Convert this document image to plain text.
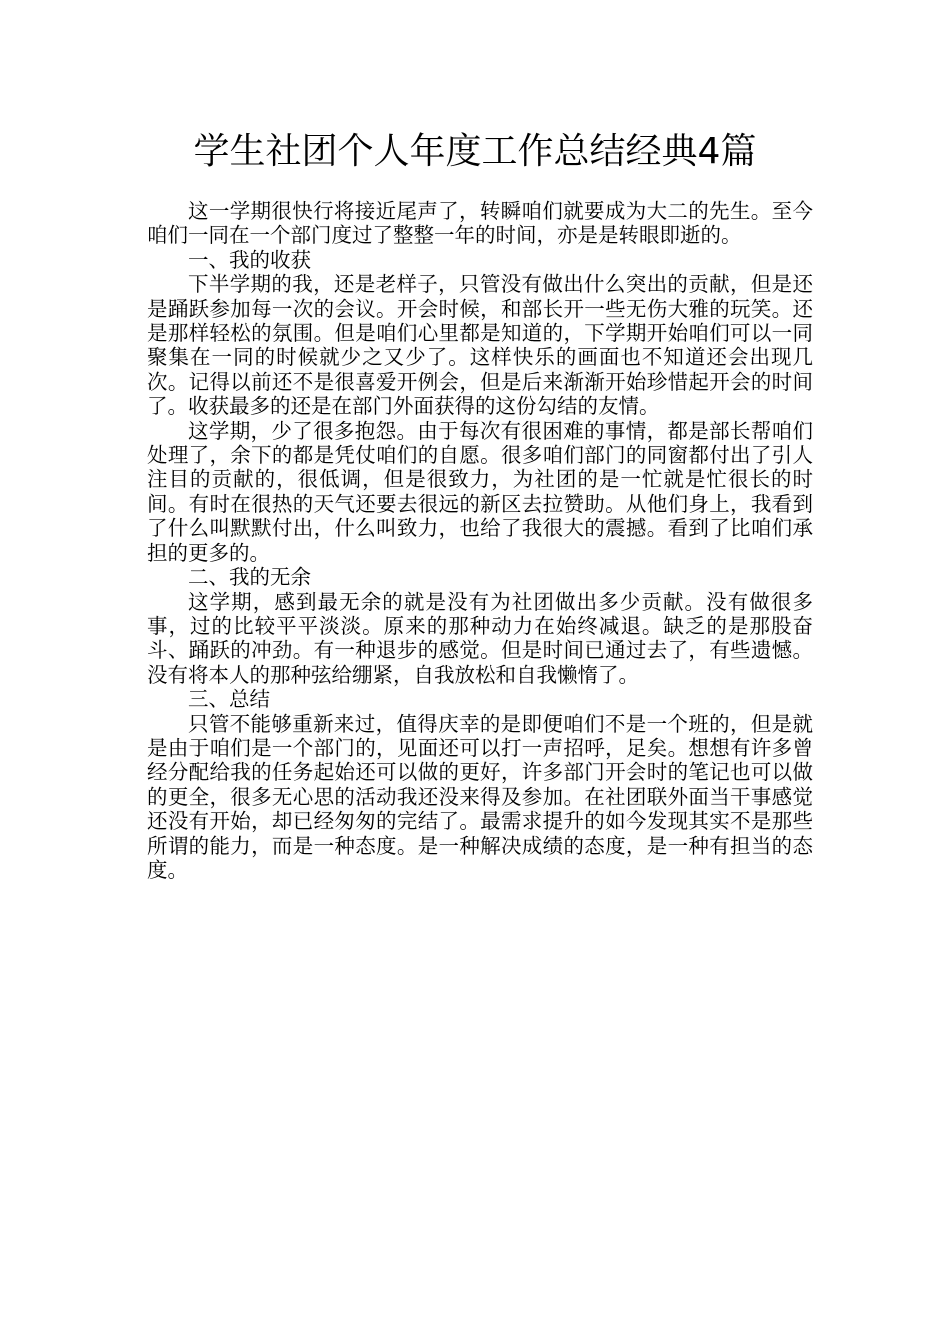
学生社团个人年度工作总结经典4篇

这一学期很快行将接近尾声了，转瞬咱们就要成为大二的先生。至今咱们一同在一个部门度过了整整一年的时间，亦是是转眼即逝的。

一、我的收获

下半学期的我，还是老样子，只管没有做出什么突出的贡献，但是还是踊跃参加每一次的会议。开会时候，和部长开一些无伤大雅的玩笑。还是那样轻松的氛围。但是咱们心里都是知道的，下学期开始咱们可以一同聚集在一同的时候就少之又少了。这样快乐的画面也不知道还会出现几次。记得以前还不是很喜爱开例会，但是后来渐渐开始珍惜起开会的时间了。收获最多的还是在部门外面获得的这份勾结的友情。

这学期，少了很多抱怨。由于每次有很困难的事情，都是部长帮咱们处理了，余下的都是凭仗咱们的自愿。很多咱们部门的同窗都付出了引人注目的贡献的，很低调，但是很致力，为社团的是一忙就是忙很长的时间。有时在很热的天气还要去很远的新区去拉赞助。从他们身上，我看到了什么叫默默付出，什么叫致力，也给了我很大的震撼。看到了比咱们承担的更多的。

二、我的无余

这学期，感到最无余的就是没有为社团做出多少贡献。没有做很多事，过的比较平平淡淡。原来的那种动力在始终减退。缺乏的是那股奋斗、踊跃的冲劲。有一种退步的感觉。但是时间已通过去了，有些遗憾。没有将本人的那种弦给绷紧，自我放松和自我懒惰了。

三、总结

只管不能够重新来过，值得庆幸的是即便咱们不是一个班的，但是就是由于咱们是一个部门的，见面还可以打一声招呼，足矣。想想有许多曾经分配给我的任务起始还可以做的更好，许多部门开会时的笔记也可以做的更全，很多无心思的活动我还没来得及参加。在社团联外面当干事感觉还没有开始，却已经匆匆的完结了。最需求提升的如今发现其实不是那些所谓的能力，而是一种态度。是一种解决成绩的态度，是一种有担当的态度。
